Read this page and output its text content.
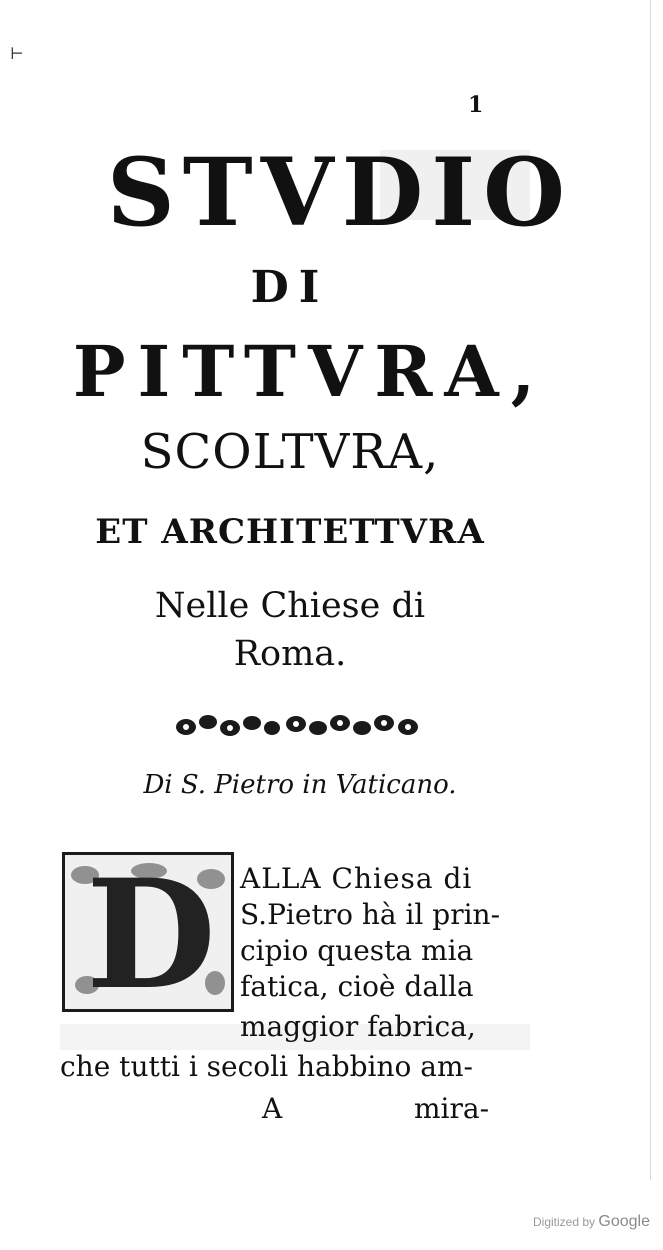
⊢
1
STVDIO
DI
PITTVRA,
SCOLTVRA,
ET ARCHITETTVRA
Nelle Chiese di
Roma.
Di S. Pietro in Vaticano.
D ALLA Chiesa di
S.Pietro hà il prin-
cipio questa mia
fatica, cioè dalla
maggior fabrica,
che tutti i secoli habbino am-
A	mira-
Digitized by Google
